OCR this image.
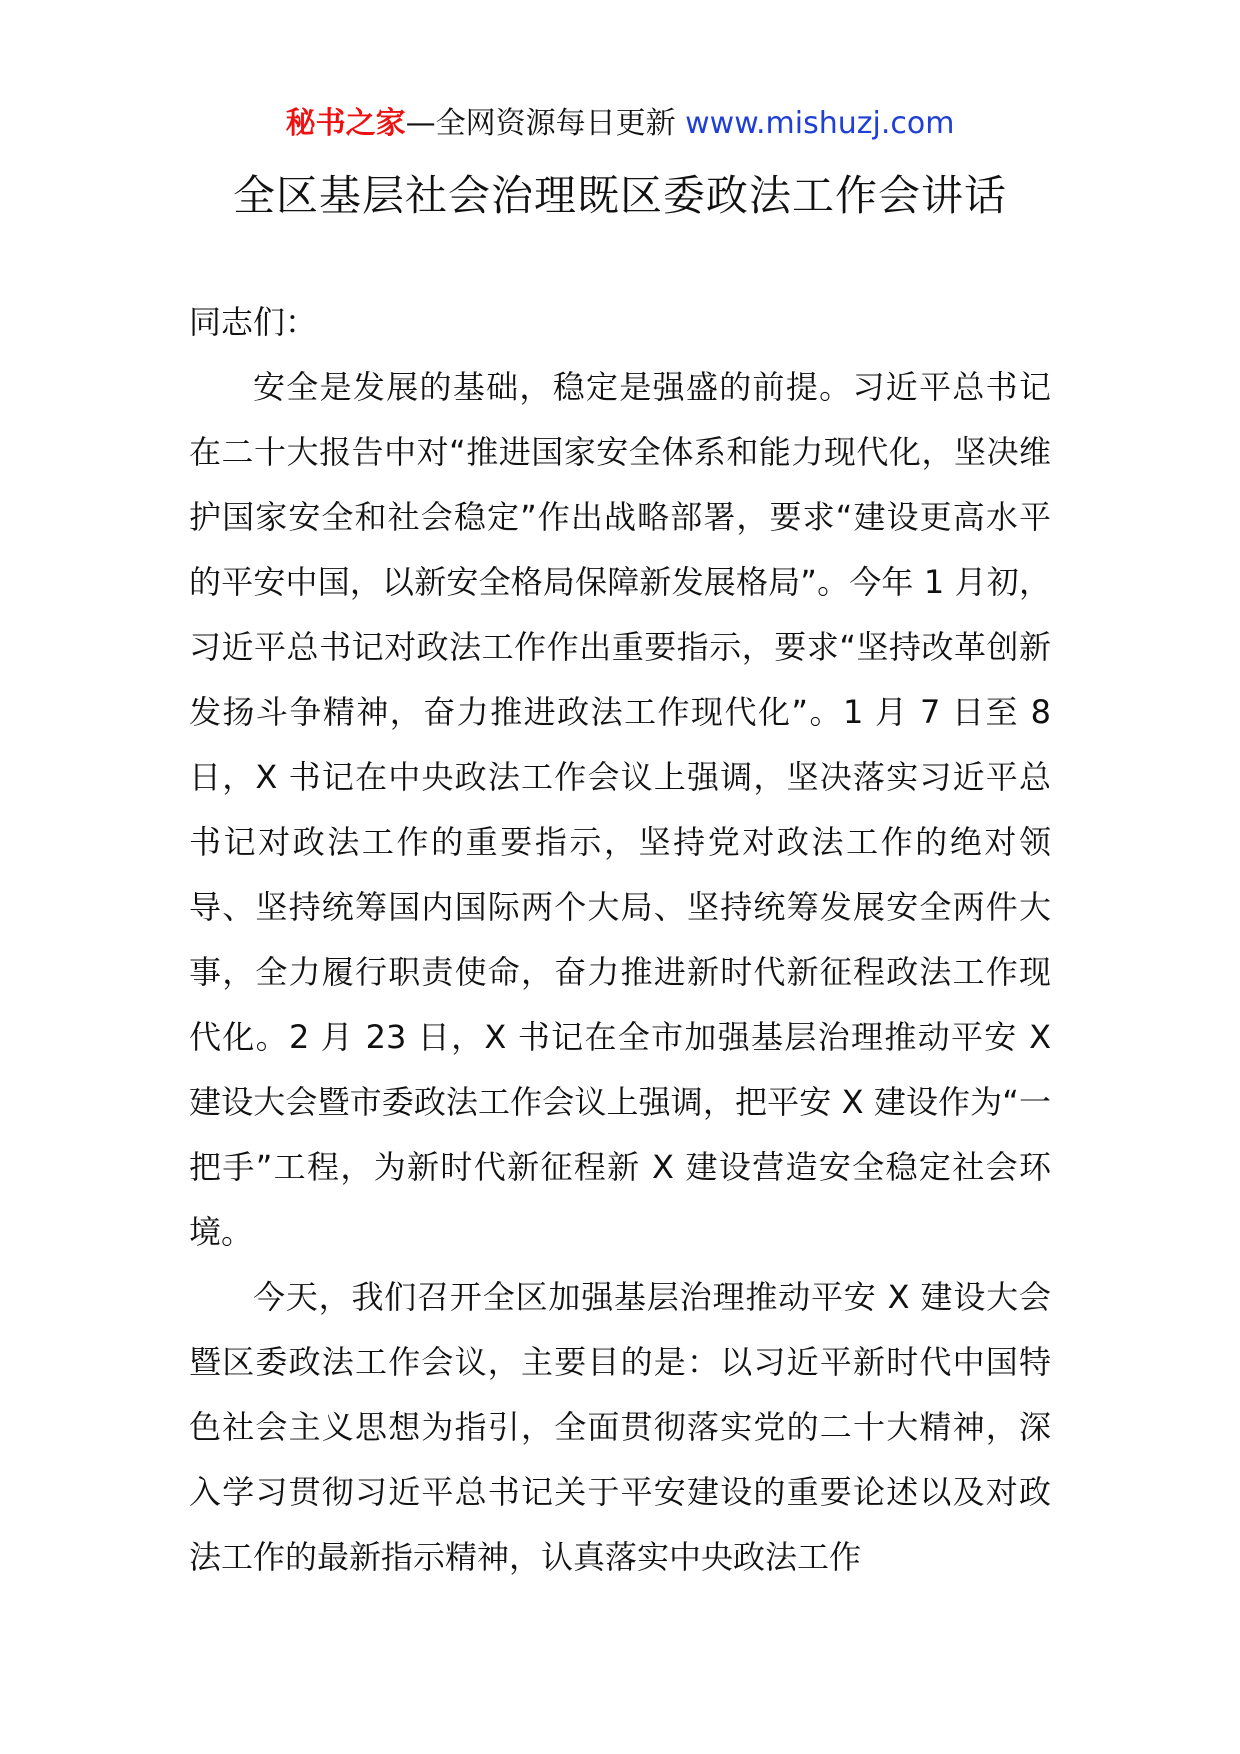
秘书之家—全网资源每日更新 www.mishuzj.com
全区基层社会治理既区委政法工作会讲话

同志们：

安全是发展的基础，稳定是强盛的前提。习近平总书记在二十大报告中对“推进国家安全体系和能力现代化，坚决维护国家安全和社会稳定”作出战略部署，要求“建设更高水平的平安中国，以新安全格局保障新发展格局”。今年 1 月初，习近平总书记对政法工作作出重要指示，要求“坚持改革创新发扬斗争精神，奋力推进政法工作现代化”。1 月 7 日至 8 日，X 书记在中央政法工作会议上强调，坚决落实习近平总书记对政法工作的重要指示，坚持党对政法工作的绝对领导、坚持统筹国内国际两个大局、坚持统筹发展安全两件大事，全力履行职责使命，奋力推进新时代新征程政法工作现代化。2 月 23 日，X 书记在全市加强基层治理推动平安 X 建设大会暨市委政法工作会议上强调，把平安 X 建设作为“一把手”工程，为新时代新征程新 X 建设营造安全稳定社会环境。

今天，我们召开全区加强基层治理推动平安 X 建设大会暨区委政法工作会议，主要目的是：以习近平新时代中国特色社会主义思想为指引，全面贯彻落实党的二十大精神，深入学习贯彻习近平总书记关于平安建设的重要论述以及对政法工作的最新指示精神，认真落实中央政法工作
